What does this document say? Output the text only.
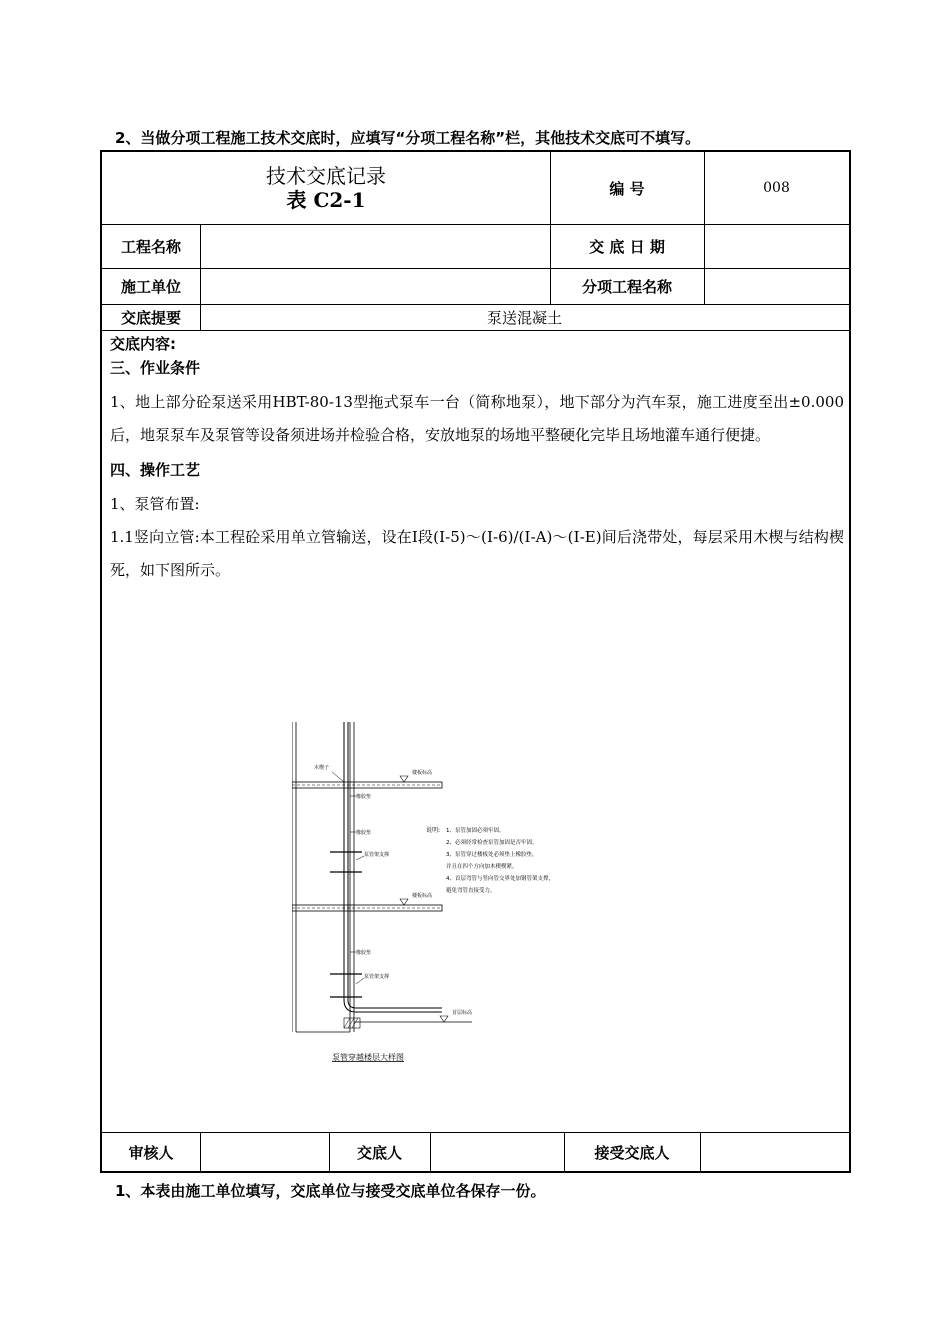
2、当做分项工程施工技术交底时，应填写“分项工程名称”栏，其他技术交底可不填写。
技术交底记录
表 C2-1	编 号	008
工程名称	交 底 日 期
施工单位	分项工程名称
交底提要	泵送混凝土

交底内容:

三、作业条件

1、地上部分砼泵送采用HBT-80-13型拖式泵车一台（简称地泵），地下部分为汽车泵，施工进度至出±0.000后，地泵泵车及泵管等设备须进场并检验合格，安放地泵的场地平整硬化完毕且场地灌车通行便捷。

四、操作工艺

1、泵管布置:

1.1竖向立管:本工程砼采用单立管输送，设在Ⅰ段(Ⅰ-5)～(Ⅰ-6)/(Ⅰ-A)～(Ⅰ-E)间后浇带处，每层采用木楔与结构楔死，如下图所示。

木楔子
橡胶垫
橡胶垫
橡胶垫
泵管架支撑
泵管架支撑
楼板标高
楼板标高
首层标高
说明: 1、泵管加固必须牢固。
2、必须经常检查泵管加固是否牢固。
3、泵管穿过楼板处必须垫上橡胶垫，
并且在四个方向加木楔楔紧。
4、首层弯管与竖向管交界处加钢管架支撑，
避免弯管直接受力。
泵管穿越楼层大样图
审核人	交底人	接受交底人
1、本表由施工单位填写，交底单位与接受交底单位各保存一份。
